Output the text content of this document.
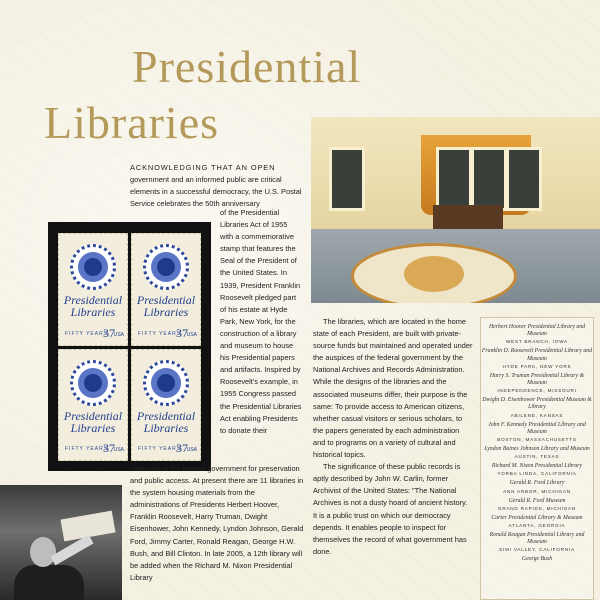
Presidential
Libraries
ACKNOWLEDGING THAT AN OPEN government and an informed public are critical elements in a successful democracy, the U.S. Postal Service celebrates the 50th anniversary
of the Presidential Libraries Act of 1955 with a commemorative stamp that features the Seal of the President of the United States. In 1939, President Franklin Roosevelt pledged part of his estate at Hyde Park, New York, for the construction of a library and museum to house his Presidential papers and artifacts. Inspired by Roosevelt's example, in 1955 Congress passed the Presidential Libraries Act enabling Presidents to donate their
Presidential
Libraries
FIFTY YEARS
37
USA
Presidential
Libraries
FIFTY YEARS
37
USA
Presidential
Libraries
FIFTY YEARS
37
USA
Presidential
Libraries
FIFTY YEARS
37
USA
materials to the federal government for preservation and public access. At present there are 11 libraries in the system housing materials from the administrations of Presidents Herbert Hoover, Franklin Roosevelt, Harry Truman, Dwight Eisenhower, John Kennedy, Lyndon Johnson, Gerald Ford, Jimmy Carter, Ronald Reagan, George H.W. Bush, and Bill Clinton. In late 2005, a 12th library will be added when the Richard M. Nixon Presidential Library

The libraries, which are located in the home state of each President, are built with private-source funds but maintained and operated under the auspices of the federal government by the National Archives and Records Administration. While the designs of the libraries and the associated museums differ, their purpose is the same: To provide access to American citizens, whether casual visitors or serious scholars, to the papers generated by each administration and to programs on a variety of cultural and historical topics.

The significance of these public records is aptly described by John W. Carlin, former Archivist of the United States: "The National Archives is not a dusty hoard of ancient history. It is a public trust on which our democracy depends. It enables people to inspect for themselves the record of what government has done.

Herbert Hoover Presidential Library and Museum
WEST BRANCH, IOWA
Franklin D. Roosevelt Presidential Library and Museum
HYDE PARK, NEW YORK
Harry S. Truman Presidential Library & Museum
INDEPENDENCE, MISSOURI
Dwight D. Eisenhower Presidential Museum & Library
ABILENE, KANSAS
John F. Kennedy Presidential Library and Museum
BOSTON, MASSACHUSETTS
Lyndon Baines Johnson Library and Museum
AUSTIN, TEXAS
Richard M. Nixon Presidential Library
YORBA LINDA, CALIFORNIA
Gerald R. Ford Library
ANN ARBOR, MICHIGAN
Gerald R. Ford Museum
GRAND RAPIDS, MICHIGAN
Carter Presidential Library & Museum
ATLANTA, GEORGIA
Ronald Reagan Presidential Library and Museum
SIMI VALLEY, CALIFORNIA
George Bush
